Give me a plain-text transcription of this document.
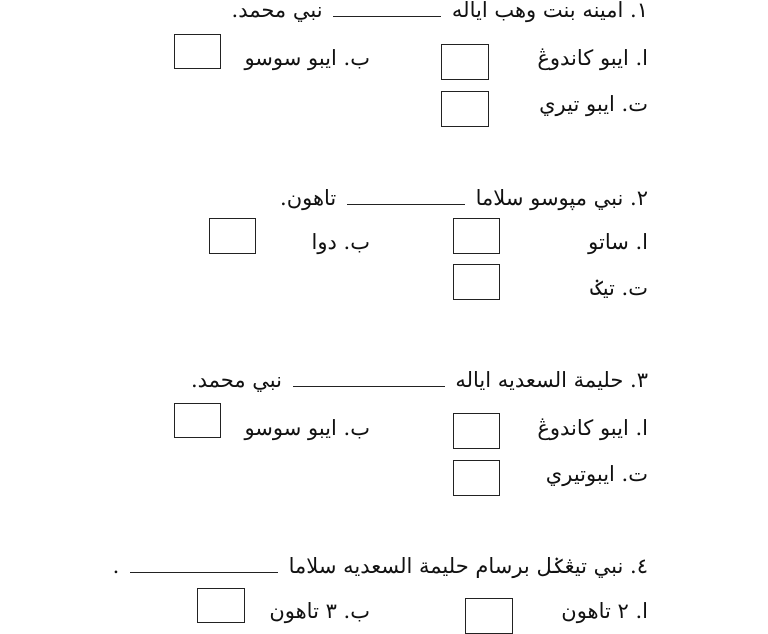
١. امينه بنت وهب اياله  نبي محمد.
ا. ايبو كاندوڠ
ب. ايبو سوسو
ت. ايبو تيري
٢. نبي مپوسو سلاما  تاهون.
ا. ساتو
ب. دوا
ت. تيݢ
٣. حليمة السعديه اياله  نبي محمد.
ا. ايبو كاندوڠ
ب. ايبو سوسو
ت. ايبوتيري
٤. نبي تيڠݢل برسام حليمة السعديه سلاما  .
ا. ٢ تاهون
ب. ٣ تاهون
